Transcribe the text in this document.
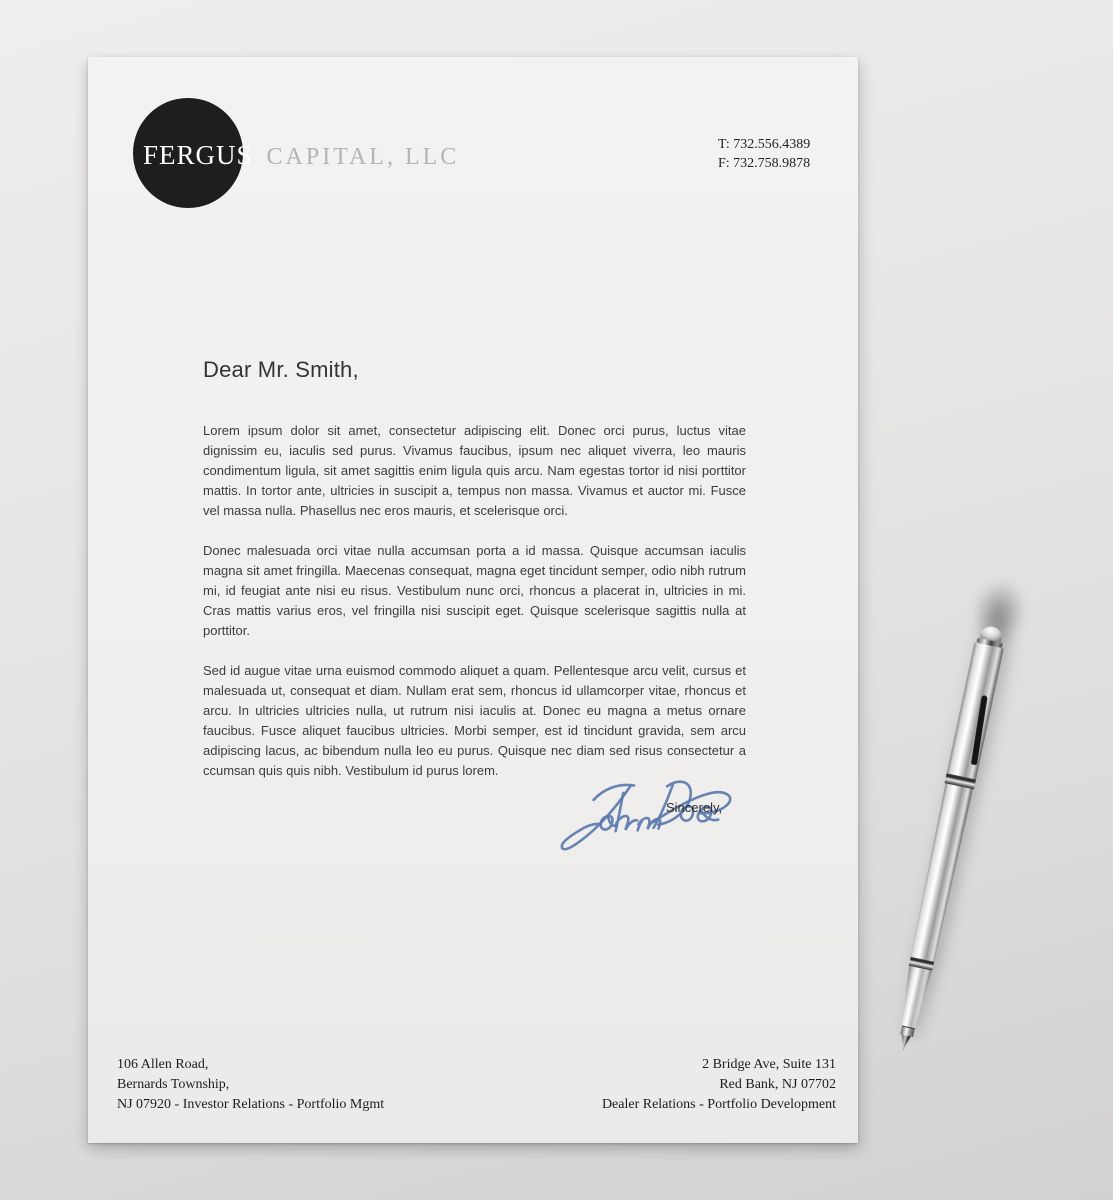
FERGUS CAPITAL, LLC	T: 732.556.4389
F: 732.758.9878
Dear Mr. Smith,

Lorem ipsum dolor sit amet, consectetur adipiscing elit. Donec orci purus, luctus vitae dignissim eu, iaculis sed purus. Vivamus faucibus, ipsum nec aliquet viverra, leo mauris condimentum ligula, sit amet sagittis enim ligula quis arcu. Nam egestas tortor id nisi porttitor mattis. In tortor ante, ultricies in suscipit a, tempus non massa. Vivamus et auctor mi. Fusce vel massa nulla. Phasellus nec eros mauris, et scelerisque orci.

Donec malesuada orci vitae nulla accumsan porta a id massa. Quisque accumsan iaculis magna sit amet fringilla. Maecenas consequat, magna eget tincidunt semper, odio nibh rutrum mi, id feugiat ante nisi eu risus. Vestibulum nunc orci, rhoncus a placerat in, ultricies in mi. Cras mattis varius eros, vel fringilla nisi suscipit eget. Quisque scelerisque sagittis nulla at porttitor.

Sed id augue vitae urna euismod commodo aliquet a quam. Pellentesque arcu velit, cursus et malesuada ut, consequat et diam. Nullam erat sem, rhoncus id ullamcorper vitae, rhoncus et arcu. In ultricies ultricies nulla, ut rutrum nisi iaculis at. Donec eu magna a metus ornare faucibus. Fusce aliquet faucibus ultricies. Morbi semper, est id tincidunt gravida, sem arcu adipiscing lacus, ac bibendum nulla leo eu purus. Quisque nec diam sed risus consectetur a ccumsan quis quis nibh. Vestibulum id purus lorem.

Sincerely,
106 Allen Road,
Bernards Township,
NJ 07920 - Investor Relations - Portfolio Mgmt
2 Bridge Ave, Suite 131
Red Bank, NJ 07702
Dealer Relations - Portfolio Development
